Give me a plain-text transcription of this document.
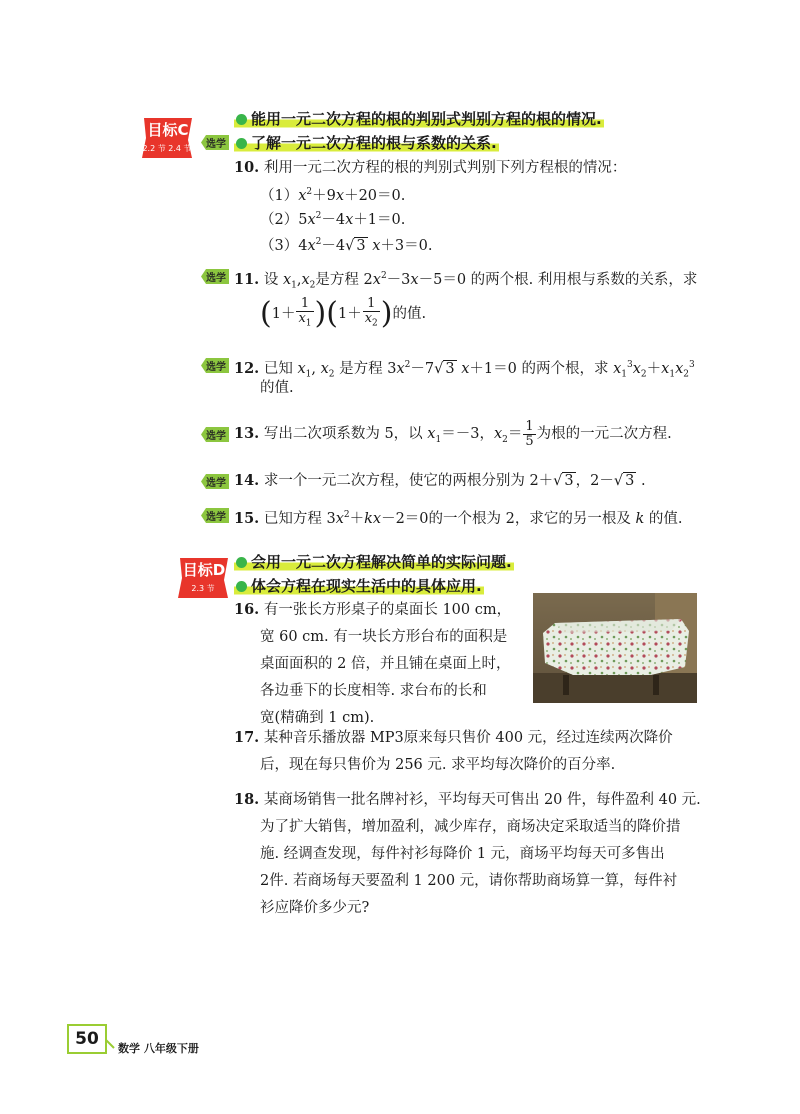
目标C
2.2 节 2.4 节
能用一元二次方程的根的判别式判别方程的根的情况.
选学	了解一元二次方程的根与系数的关系.
10. 利用一元二次方程的根的判别式判别下列方程根的情况：
$(1)x^2+9x+20=0$.
$(2)5x^2-4x+1=0$.
$(3)4x^2-4√$ 3 x＋3＝0.
选学 11. 设 $x_1,x_2$是方程 $2x^2-3x-5=0$ 的两个根. 利用根与系数的关系，求
$(1+ \frac{1}{x_1} )(1+ \frac{1}{x_2}$ )的值.
选学 12. 已知 $x_1$, $x_2$ 是方程 $3x^2-7√$ 3 x＋1＝0 的两个根，求 $x_1^3x_2+x_1x_2^3$
的值.
选学 13. 写出二次项系数为 5，以 $x_1=-3$，$x_2= \frac{1}{5}$ 为根的一元二次方程.
选学 14. 求一个一元二次方程，使它的两根分别为 2＋√ 3 ，2－√ 3 .
选学 15. 已知方程 $3x^2+kx-2=0$的一个根为 2，求它的另一根及 k 的值.
目标D
2.3 节
会用一元二次方程解决简单的实际问题.
体会方程在现实生活中的具体应用.
16. 有一张长方形桌子的桌面长 100 cm，
宽 60 cm. 有一块长方形台布的面积是
桌面面积的 2 倍，并且铺在桌面上时，
各边垂下的长度相等. 求台布的长和
宽(精确到 1 cm).
17. 某种音乐播放器 MP3原来每只售价 400 元，经过连续两次降价
后，现在每只售价为 256 元. 求平均每次降价的百分率.
18. 某商场销售一批名牌衬衫，平均每天可售出 20 件，每件盈利 40 元.
为了扩大销售，增加盈利，减少库存，商场决定采取适当的降价措
施. 经调查发现，每件衬衫每降价 1 元，商场平均每天可多售出
2件. 若商场每天要盈利 1 200 元，请你帮助商场算一算，每件衬
衫应降价多少元?
50	数学 八年级下册
